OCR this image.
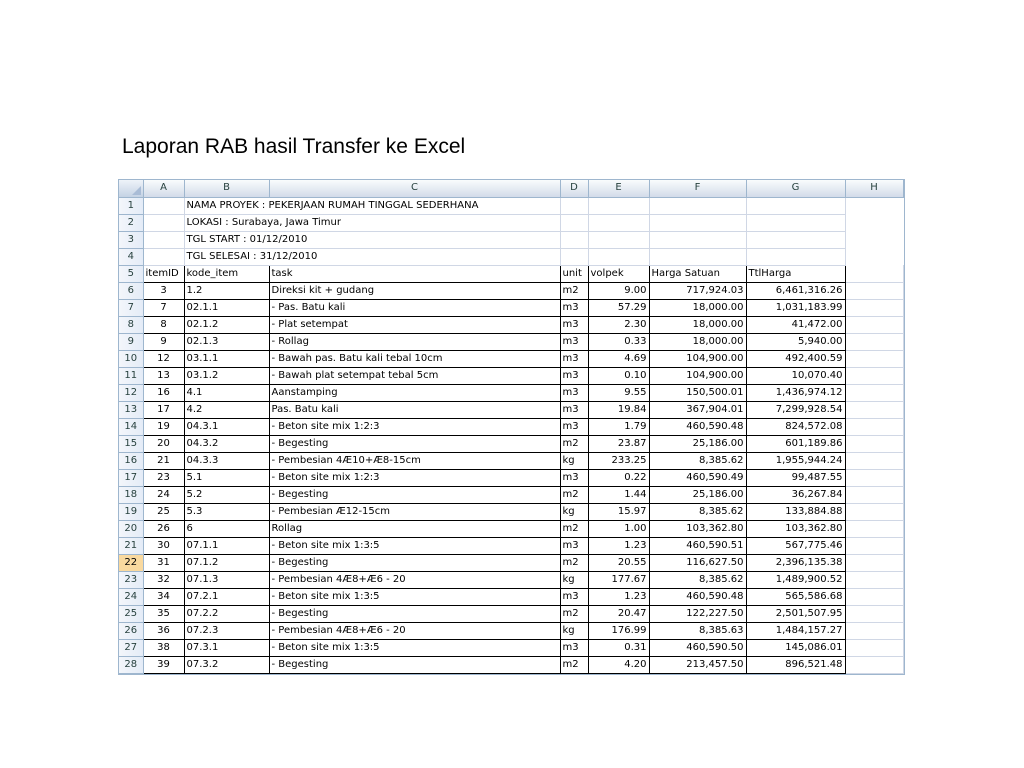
Laporan RAB hasil Transfer ke Excel
	A	B	C	D	E	F	G	H
1		NAMA PROYEK : PEKERJAAN RUMAH TINGGAL SEDERHANA						
2		LOKASI : Surabaya, Jawa Timur						
3		TGL START : 01/12/2010						
4		TGL SELESAI : 31/12/2010						
5	itemID	kode_item	task	unit	volpek	Harga Satuan	TtlHarga	
6	3	1.2	Direksi kit + gudang	m2	9.00	717,924.03	6,461,316.26	
7	7	02.1.1	- Pas. Batu kali	m3	57.29	18,000.00	1,031,183.99	
8	8	02.1.2	- Plat setempat	m3	2.30	18,000.00	41,472.00	
9	9	02.1.3	- Rollag	m3	0.33	18,000.00	5,940.00	
10	12	03.1.1	- Bawah pas. Batu kali tebal 10cm	m3	4.69	104,900.00	492,400.59	
11	13	03.1.2	- Bawah plat setempat tebal 5cm	m3	0.10	104,900.00	10,070.40	
12	16	4.1	Aanstamping	m3	9.55	150,500.01	1,436,974.12	
13	17	4.2	Pas. Batu kali	m3	19.84	367,904.01	7,299,928.54	
14	19	04.3.1	- Beton site mix 1:2:3	m3	1.79	460,590.48	824,572.08	
15	20	04.3.2	- Begesting	m2	23.87	25,186.00	601,189.86	
16	21	04.3.3	- Pembesian 4Æ10+Æ8-15cm	kg	233.25	8,385.62	1,955,944.24	
17	23	5.1	- Beton site mix 1:2:3	m3	0.22	460,590.49	99,487.55	
18	24	5.2	- Begesting	m2	1.44	25,186.00	36,267.84	
19	25	5.3	- Pembesian Æ12-15cm	kg	15.97	8,385.62	133,884.88	
20	26	6	Rollag	m2	1.00	103,362.80	103,362.80	
21	30	07.1.1	- Beton site mix 1:3:5	m3	1.23	460,590.51	567,775.46	
22	31	07.1.2	- Begesting	m2	20.55	116,627.50	2,396,135.38	
23	32	07.1.3	- Pembesian 4Æ8+Æ6 - 20	kg	177.67	8,385.62	1,489,900.52	
24	34	07.2.1	- Beton site mix 1:3:5	m3	1.23	460,590.48	565,586.68	
25	35	07.2.2	- Begesting	m2	20.47	122,227.50	2,501,507.95	
26	36	07.2.3	- Pembesian 4Æ8+Æ6 - 20	kg	176.99	8,385.63	1,484,157.27	
27	38	07.3.1	- Beton site mix 1:3:5	m3	0.31	460,590.50	145,086.01	
28	39	07.3.2	- Begesting	m2	4.20	213,457.50	896,521.48	
